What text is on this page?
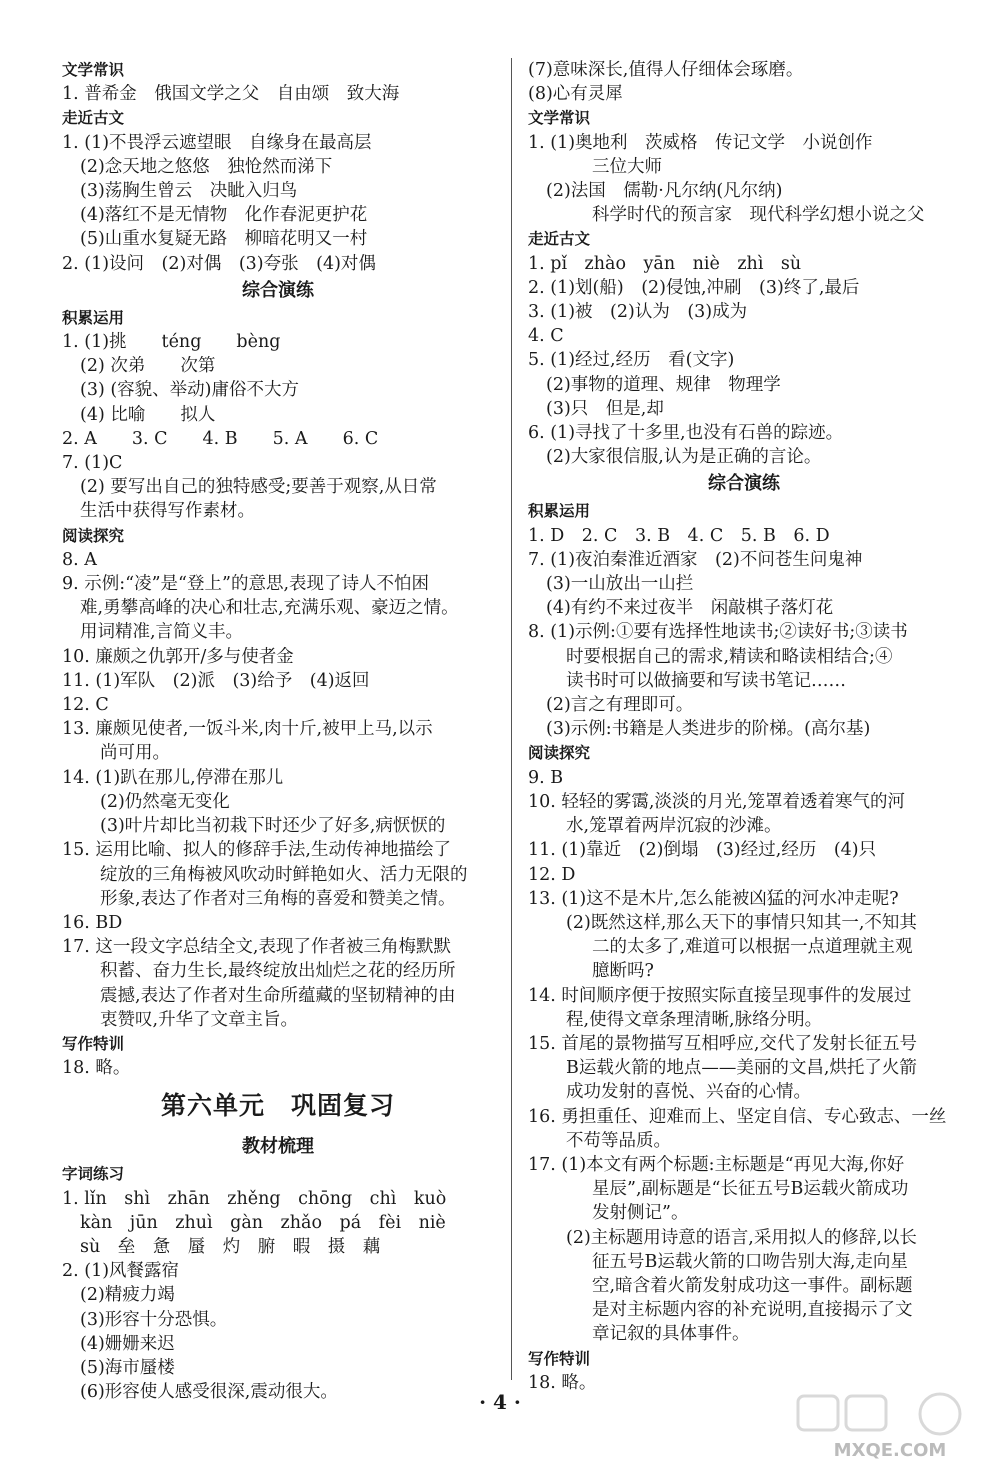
文学常识
1. 普希金　俄国文学之父　自由颂　致大海
走近古文
1. (1)不畏浮云遮望眼　自缘身在最高层
(2)念天地之悠悠　独怆然而涕下
(3)荡胸生曾云　决眦入归鸟
(4)落红不是无情物　化作春泥更护花
(5)山重水复疑无路　柳暗花明又一村
2. (1)设问　(2)对偶　(3)夸张　(4)对偶
综合演练
积累运用
1. (1)挑　　téng　　bèng
(2) 次弟　　次第
(3) (容貌、举动)庸俗不大方
(4) 比喻　　拟人
2. A　　3. C　　4. B　　5. A　　6. C
7. (1)C
(2) 要写出自己的独特感受;要善于观察,从日常
生活中获得写作素材。
阅读探究
8. A
9. 示例:“凌”是“登上”的意思,表现了诗人不怕困
难,勇攀高峰的决心和壮志,充满乐观、豪迈之情。
用词精准,言简义丰。
10. 廉颇之仇郭开/多与使者金
11. (1)军队　(2)派　(3)给予　(4)返回
12. C
13. 廉颇见使者,一饭斗米,肉十斤,被甲上马,以示
尚可用。
14. (1)趴在那儿,停滞在那儿
(2)仍然毫无变化
(3)叶片却比当初栽下时还少了好多,病恹恹的
15. 运用比喻、拟人的修辞手法,生动传神地描绘了
绽放的三角梅被风吹动时鲜艳如火、活力无限的
形象,表达了作者对三角梅的喜爱和赞美之情。
16. BD
17. 这一段文字总结全文,表现了作者被三角梅默默
积蓄、奋力生长,最终绽放出灿烂之花的经历所
震撼,表达了作者对生命所蕴藏的坚韧精神的由
衷赞叹,升华了文章主旨。
写作特训
18. 略。
第六单元　巩固复习
教材梳理
字词练习
1. lǐn　shì　zhān　zhěng　chōng　chì　kuò
kàn　jūn　zhuì　gàn　zhǎo　pá　fèi　niè
sù　垒　惫　蜃　灼　腑　暇　摄　藕
2. (1)风餐露宿
(2)精疲力竭
(3)形容十分恐惧。
(4)姗姗来迟
(5)海市蜃楼
(6)形容使人感受很深,震动很大。
(7)意味深长,值得人仔细体会琢磨。
(8)心有灵犀
文学常识
1. (1)奥地利　茨威格　传记文学　小说创作
三位大师
(2)法国　儒勒·凡尔纳(凡尔纳)
科学时代的预言家　现代科学幻想小说之父
走近古文
1. pǐ　zhào　yān　niè　zhì　sù
2. (1)划(船)　(2)侵蚀,冲刷　(3)终了,最后
3. (1)被　(2)认为　(3)成为
4. C
5. (1)经过,经历　看(文字)
(2)事物的道理、规律　物理学
(3)只　但是,却
6. (1)寻找了十多里,也没有石兽的踪迹。
(2)大家很信服,认为是正确的言论。
综合演练
积累运用
1. D　2. C　3. B　4. C　5. B　6. D
7. (1)夜泊秦淮近酒家　(2)不问苍生问鬼神
(3)一山放出一山拦
(4)有约不来过夜半　闲敲棋子落灯花
8. (1)示例:①要有选择性地读书;②读好书;③读书
时要根据自己的需求,精读和略读相结合;④
读书时可以做摘要和写读书笔记……
(2)言之有理即可。
(3)示例:书籍是人类进步的阶梯。(高尔基)
阅读探究
9. B
10. 轻轻的雾霭,淡淡的月光,笼罩着透着寒气的河
水,笼罩着两岸沉寂的沙滩。
11. (1)靠近　(2)倒塌　(3)经过,经历　(4)只
12. D
13. (1)这不是木片,怎么能被凶猛的河水冲走呢?
(2)既然这样,那么天下的事情只知其一,不知其
二的太多了,难道可以根据一点道理就主观
臆断吗?
14. 时间顺序便于按照实际直接呈现事件的发展过
程,使得文章条理清晰,脉络分明。
15. 首尾的景物描写互相呼应,交代了发射长征五号
B运载火箭的地点——美丽的文昌,烘托了火箭
成功发射的喜悦、兴奋的心情。
16. 勇担重任、迎难而上、坚定自信、专心致志、一丝
不苟等品质。
17. (1)本文有两个标题:主标题是“再见大海,你好
星辰”,副标题是“长征五号B运载火箭成功
发射侧记”。
(2)主标题用诗意的语言,采用拟人的修辞,以长
征五号B运载火箭的口吻告别大海,走向星
空,暗含着火箭发射成功这一事件。副标题
是对主标题内容的补充说明,直接揭示了文
章记叙的具体事件。
写作特训
18. 略。
· 4 ·
MXQE.COM
